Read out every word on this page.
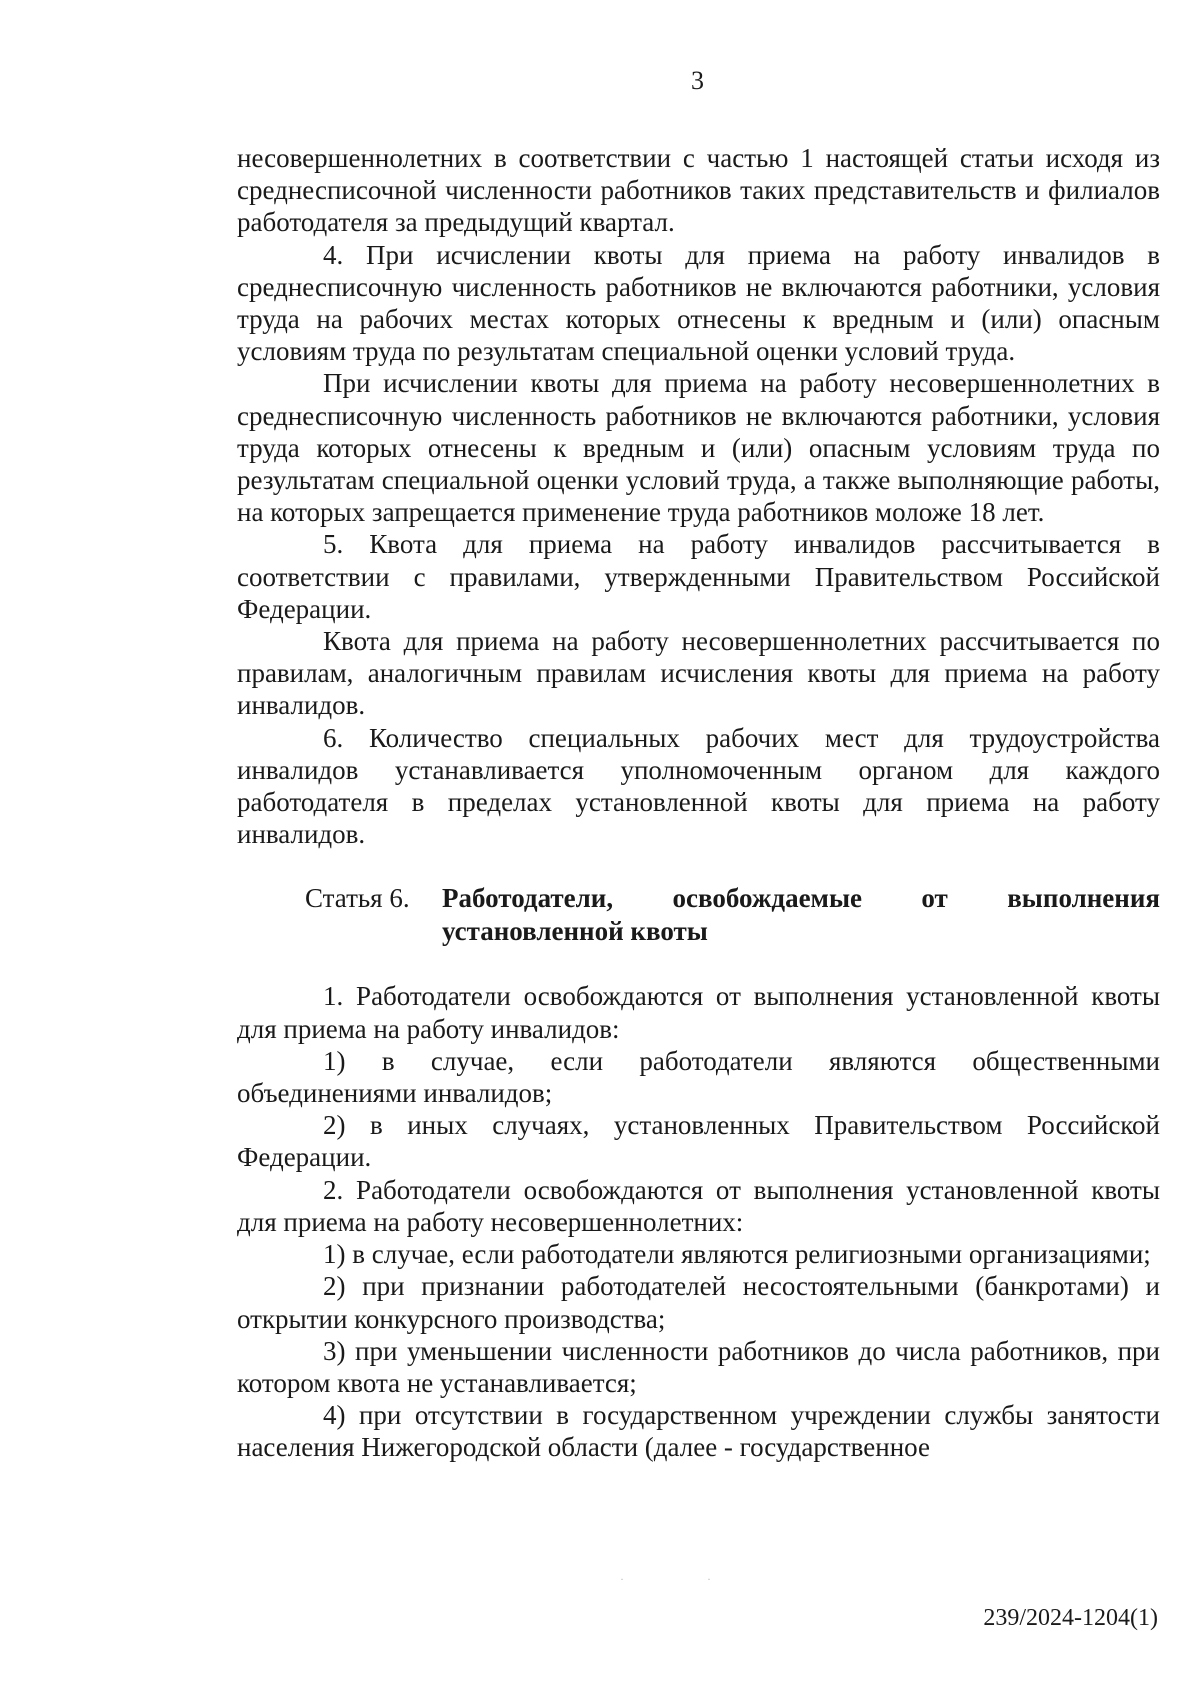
3

несовершеннолетних в соответствии с частью 1 настоящей статьи исходя из среднесписочной численности работников таких представительств и филиалов работодателя за предыдущий квартал.

4. При исчислении квоты для приема на работу инвалидов в среднесписочную численность работников не включаются работники, условия труда на рабочих местах которых отнесены к вредным и (или) опасным условиям труда по результатам специальной оценки условий труда.

При исчислении квоты для приема на работу несовершеннолетних в среднесписочную численность работников не включаются работники, условия труда которых отнесены к вредным и (или) опасным условиям труда по результатам специальной оценки условий труда, а также выполняющие работы, на которых запрещается применение труда работников моложе 18 лет.

5. Квота для приема на работу инвалидов рассчитывается в соответствии с правилами, утвержденными Правительством Российской Федерации.

Квота для приема на работу несовершеннолетних рассчитывается по правилам, аналогичным правилам исчисления квоты для приема на работу инвалидов.

6. Количество специальных рабочих мест для трудоустройства инвалидов устанавливается уполномоченным органом для каждого работодателя в пределах установленной квоты для приема на работу инвалидов.

Статья 6.	Работодатели, освобождаемые от выполнения установленной квоты

1. Работодатели освобождаются от выполнения установленной квоты для приема на работу инвалидов:

1) в случае, если работодатели являются общественными объединениями инвалидов;

2) в иных случаях, установленных Правительством Российской Федерации.

2. Работодатели освобождаются от выполнения установленной квоты для приема на работу несовершеннолетних:

1) в случае, если работодатели являются религиозными организациями;

2) при признании работодателей несостоятельными (банкротами) и открытии конкурсного производства;

3) при уменьшении численности работников до числа работников, при котором квота не устанавливается;

4) при отсутствии в государственном учреждении службы занятости населения Нижегородской области (далее - государственное

· ·
239/2024-1204(1)
